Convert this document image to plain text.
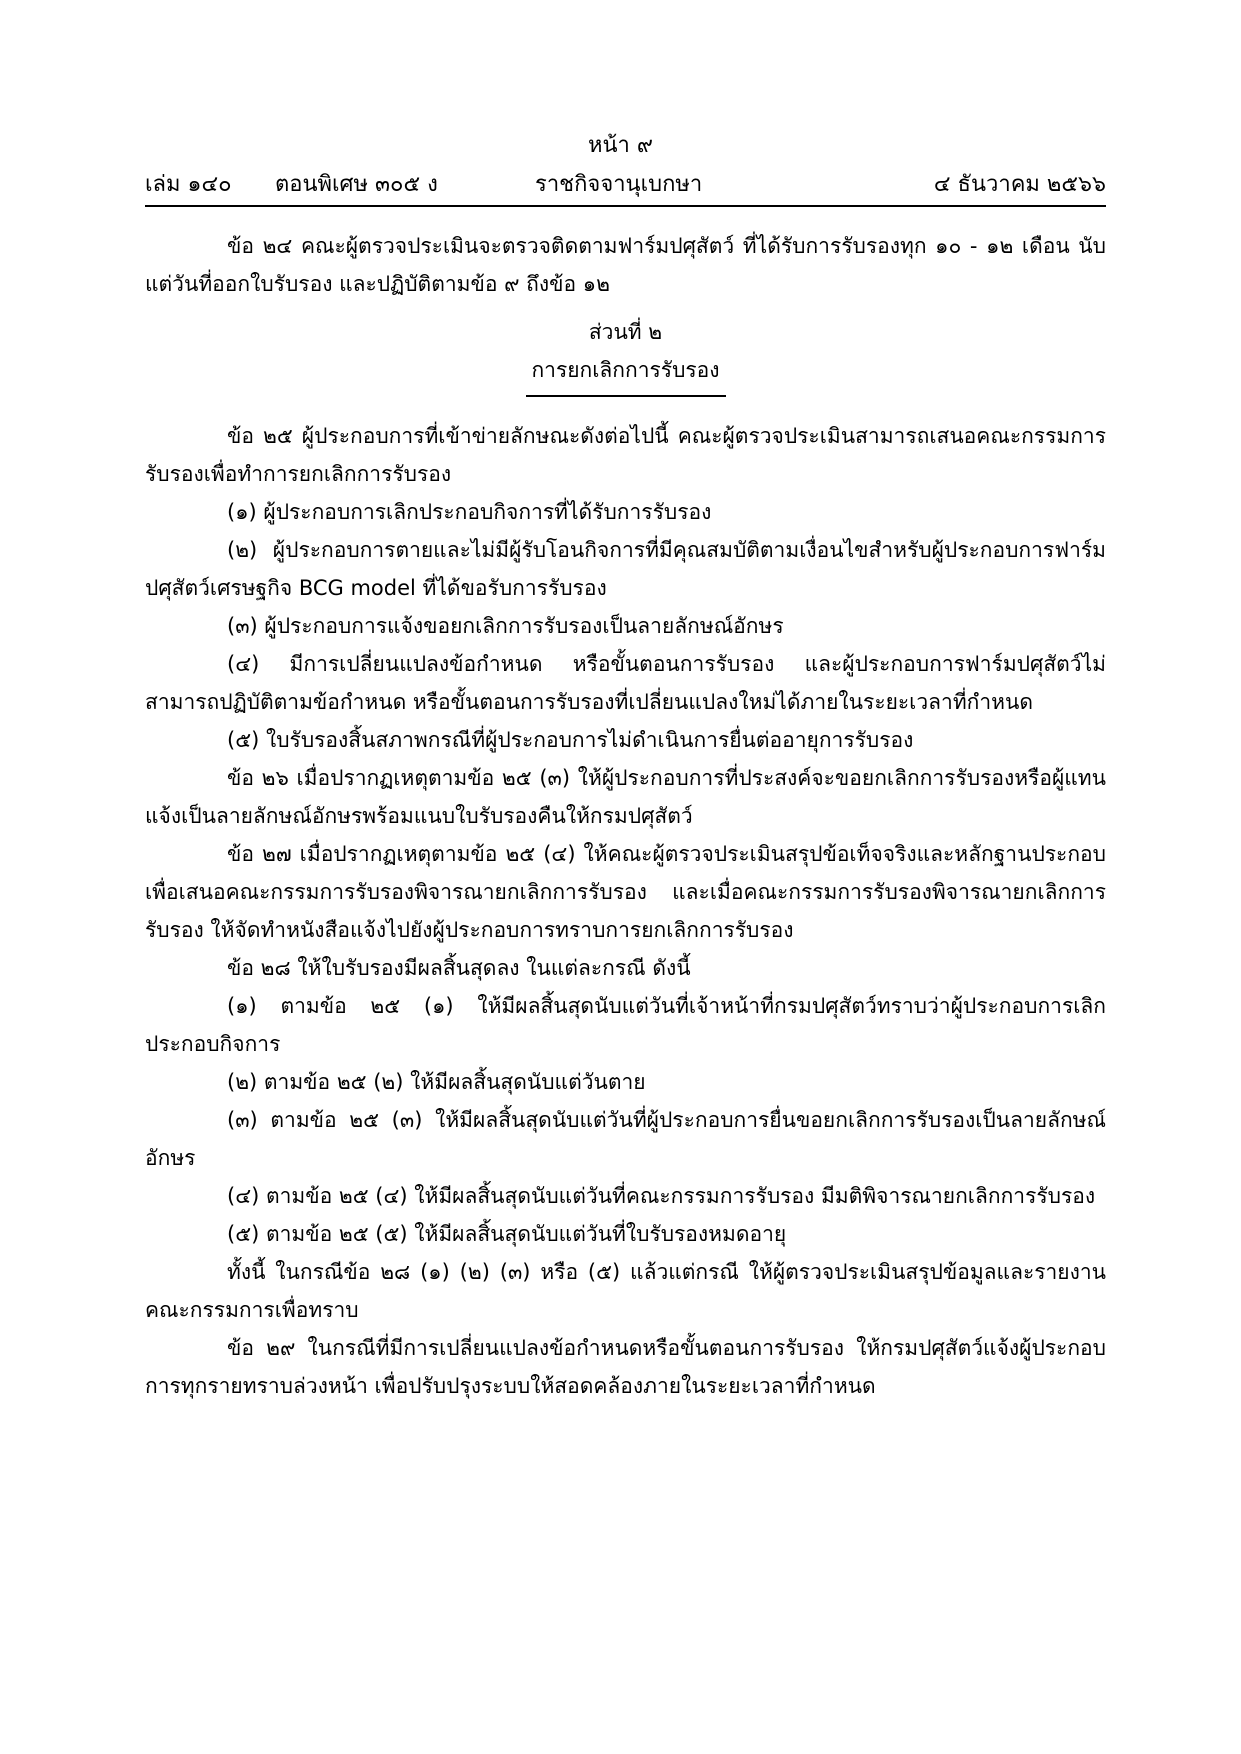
หน้า ๙
เล่ม ๑๔๐ ตอนพิเศษ ๓๐๕ ง	ราชกิจจานุเบกษา	๔ ธันวาคม ๒๕๖๖

ข้อ ๒๔ คณะผู้ตรวจประเมินจะตรวจติดตามฟาร์มปศุสัตว์ ที่ได้รับการรับรองทุก ๑๐ - ๑๒ เดือน นับแต่วันที่ออกใบรับรอง และปฏิบัติตามข้อ ๙ ถึงข้อ ๑๒

ส่วนที่ ๒

การยกเลิกการรับรอง

ข้อ ๒๕ ผู้ประกอบการที่เข้าข่ายลักษณะดังต่อไปนี้ คณะผู้ตรวจประเมินสามารถเสนอคณะกรรมการรับรองเพื่อทำการยกเลิกการรับรอง

(๑) ผู้ประกอบการเลิกประกอบกิจการที่ได้รับการรับรอง

(๒) ผู้ประกอบการตายและไม่มีผู้รับโอนกิจการที่มีคุณสมบัติตามเงื่อนไขสำหรับผู้ประกอบการฟาร์มปศุสัตว์เศรษฐกิจ BCG model ที่ได้ขอรับการรับรอง

(๓) ผู้ประกอบการแจ้งขอยกเลิกการรับรองเป็นลายลักษณ์อักษร

(๔) มีการเปลี่ยนแปลงข้อกำหนด หรือขั้นตอนการรับรอง และผู้ประกอบการฟาร์มปศุสัตว์ไม่สามารถปฏิบัติตามข้อกำหนด หรือขั้นตอนการรับรองที่เปลี่ยนแปลงใหม่ได้ภายในระยะเวลาที่กำหนด

(๕) ใบรับรองสิ้นสภาพกรณีที่ผู้ประกอบการไม่ดำเนินการยื่นต่ออายุการรับรอง

ข้อ ๒๖ เมื่อปรากฏเหตุตามข้อ ๒๕ (๓) ให้ผู้ประกอบการที่ประสงค์จะขอยกเลิกการรับรองหรือผู้แทน แจ้งเป็นลายลักษณ์อักษรพร้อมแนบใบรับรองคืนให้กรมปศุสัตว์

ข้อ ๒๗ เมื่อปรากฏเหตุตามข้อ ๒๕ (๔) ให้คณะผู้ตรวจประเมินสรุปข้อเท็จจริงและหลักฐานประกอบ เพื่อเสนอคณะกรรมการรับรองพิจารณายกเลิกการรับรอง และเมื่อคณะกรรมการรับรองพิจารณายกเลิกการรับรอง ให้จัดทำหนังสือแจ้งไปยังผู้ประกอบการทราบการยกเลิกการรับรอง

ข้อ ๒๘ ให้ใบรับรองมีผลสิ้นสุดลง ในแต่ละกรณี ดังนี้

(๑) ตามข้อ ๒๕ (๑) ให้มีผลสิ้นสุดนับแต่วันที่เจ้าหน้าที่กรมปศุสัตว์ทราบว่าผู้ประกอบการเลิกประกอบกิจการ

(๒) ตามข้อ ๒๕ (๒) ให้มีผลสิ้นสุดนับแต่วันตาย

(๓) ตามข้อ ๒๕ (๓) ให้มีผลสิ้นสุดนับแต่วันที่ผู้ประกอบการยื่นขอยกเลิกการรับรองเป็นลายลักษณ์อักษร

(๔) ตามข้อ ๒๕ (๔) ให้มีผลสิ้นสุดนับแต่วันที่คณะกรรมการรับรอง มีมติพิจารณายกเลิกการรับรอง

(๕) ตามข้อ ๒๕ (๕) ให้มีผลสิ้นสุดนับแต่วันที่ใบรับรองหมดอายุ

ทั้งนี้ ในกรณีข้อ ๒๘ (๑) (๒) (๓) หรือ (๕) แล้วแต่กรณี ให้ผู้ตรวจประเมินสรุปข้อมูลและรายงานคณะกรรมการเพื่อทราบ

ข้อ ๒๙ ในกรณีที่มีการเปลี่ยนแปลงข้อกำหนดหรือขั้นตอนการรับรอง ให้กรมปศุสัตว์แจ้งผู้ประกอบการทุกรายทราบล่วงหน้า เพื่อปรับปรุงระบบให้สอดคล้องภายในระยะเวลาที่กำหนด
